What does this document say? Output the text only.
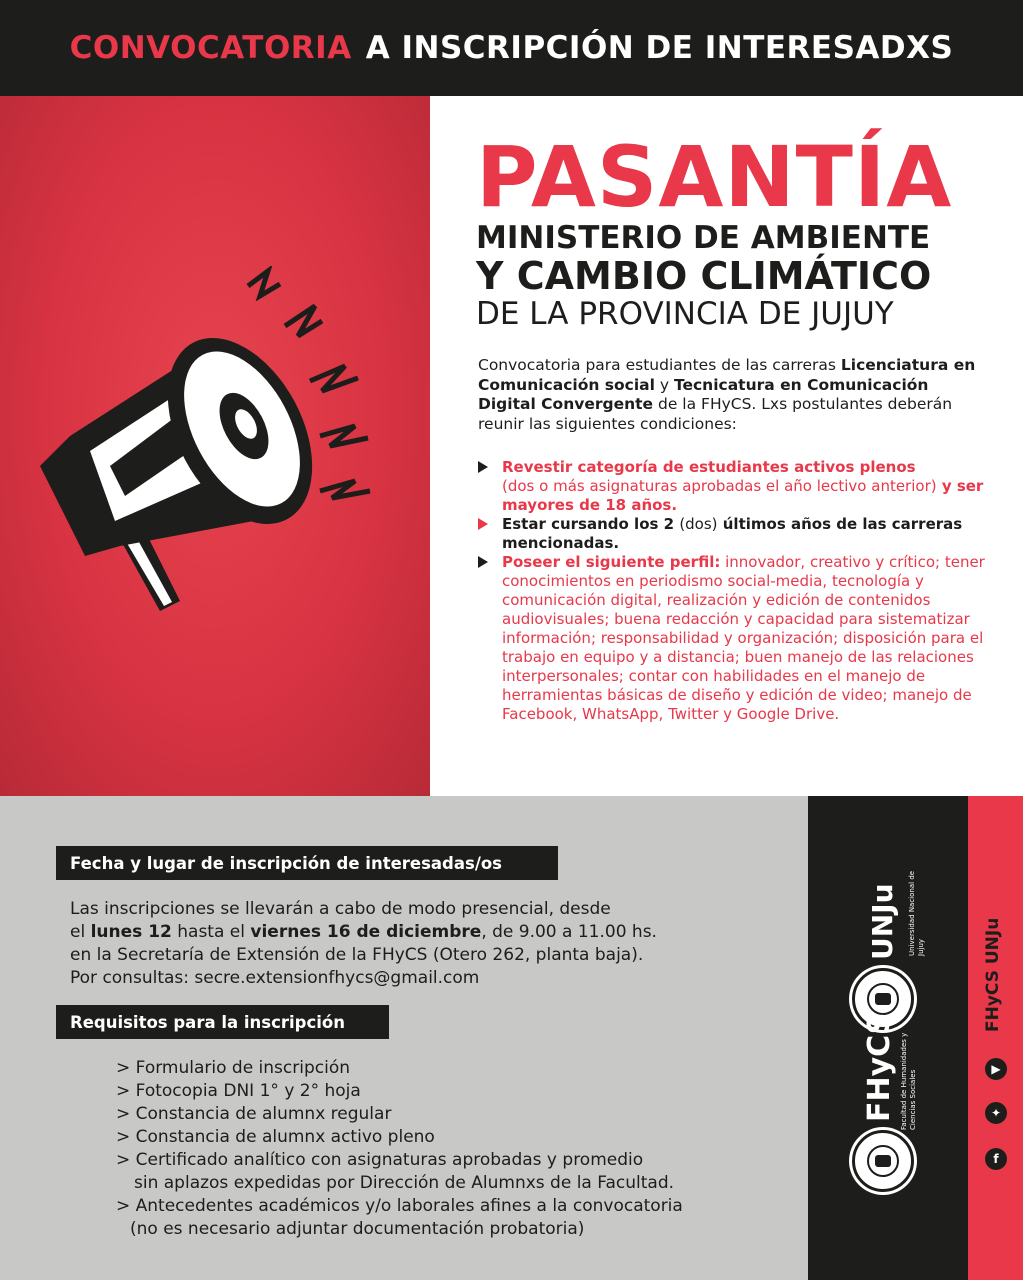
CONVOCATORIA A INSCRIPCIÓN DE INTERESADXS
PASANTÍA
MINISTERIO DE AMBIENTE
Y CAMBIO CLIMÁTICO
DE LA PROVINCIA DE JUJUY
Convocatoria para estudiantes de las carreras Licenciatura en Comunicación social y Tecnicatura en Comunicación Digital Convergente de la FHyCS. Lxs postulantes deberán reunir las siguientes condiciones:
Revestir categoría de estudiantes activos plenos
(dos o más asignaturas aprobadas el año lectivo anterior) y ser mayores de 18 años.
Estar cursando los 2 (dos) últimos años de las carreras mencionadas.
Poseer el siguiente perfil: innovador, creativo y crítico; tener conocimientos en periodismo social-media, tecnología y comunicación digital, realización y edición de contenidos audiovisuales; buena redacción y capacidad para sistematizar información; responsabilidad y organización; disposición para el trabajo en equipo y a distancia; buen manejo de las relaciones interpersonales; contar con habilidades en el manejo de herramientas básicas de diseño y edición de video; manejo de Facebook, WhatsApp, Twitter y Google Drive.
Fecha y lugar de inscripción de interesadas/os
Las inscripciones se llevarán a cabo de modo presencial, desde
el lunes 12 hasta el viernes 16 de diciembre, de 9.00 a 11.00 hs.
en la Secretaría de Extensión de la FHyCS (Otero 262, planta baja).
Por consultas: secre.extensionfhycs@gmail.com
Requisitos para la inscripción
> Formulario de inscripción
> Fotocopia DNI 1° y 2° hoja
> Constancia de alumnx regular
> Constancia de alumnx activo pleno
> Certificado analítico con asignaturas aprobadas y promedio
sin aplazos expedidas por Dirección de Alumnxs de la Facultad.
> Antecedentes académicos y/o laborales afines a la convocatoria
(no es necesario adjuntar documentación probatoria)
UNJu Universidad Nacional de Jujuy
FHyCS Facultad de Humanidades y Ciencias Sociales
FHyCS UNJu
▶
✦
f
